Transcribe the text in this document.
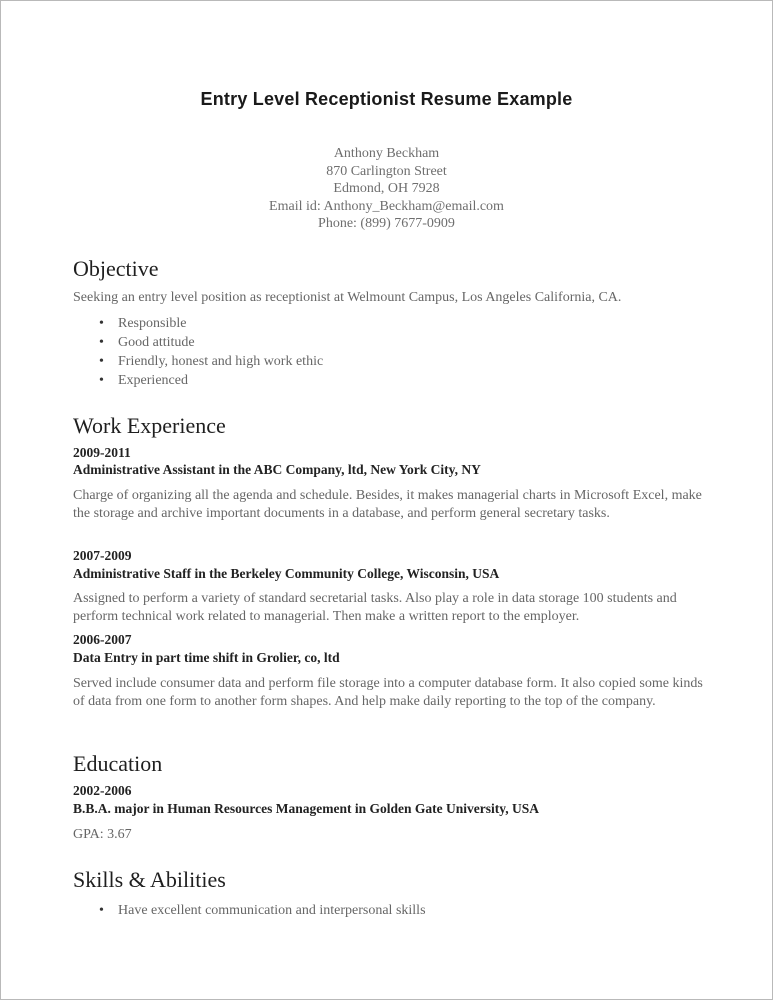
Entry Level Receptionist Resume Example
Anthony Beckham
870 Carlington Street
Edmond, OH 7928
Email id: Anthony_Beckham@email.com
Phone: (899) 7677-0909
Objective
Seeking an entry level position as receptionist at Welmount Campus, Los Angeles California, CA.
• Responsible
• Good attitude
• Friendly, honest and high work ethic
• Experienced
Work Experience
2009-2011
Administrative Assistant in the ABC Company, ltd, New York City, NY
Charge of organizing all the agenda and schedule. Besides, it makes managerial charts in Microsoft Excel, make the storage and archive important documents in a database, and perform general secretary tasks.
2007-2009
Administrative Staff in the Berkeley Community College, Wisconsin, USA
Assigned to perform a variety of standard secretarial tasks. Also play a role in data storage 100 students and perform technical work related to managerial. Then make a written report to the employer.
2006-2007
Data Entry in part time shift in Grolier, co, ltd
Served include consumer data and perform file storage into a computer database form. It also copied some kinds of data from one form to another form shapes. And help make daily reporting to the top of the company.
Education
2002-2006
B.B.A. major in Human Resources Management in Golden Gate University, USA
GPA: 3.67
Skills & Abilities
• Have excellent communication and interpersonal skills
